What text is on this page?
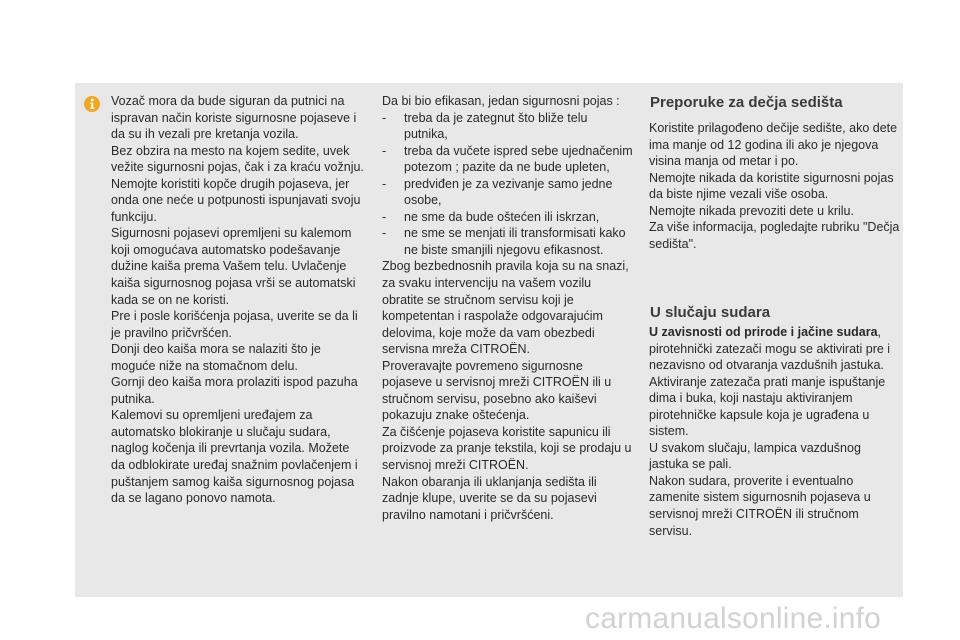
Vozač mora da bude siguran da putnici na ispravan način koriste sigurnosne pojaseve i da su ih vezali pre kretanja vozila.

Bez obzira na mesto na kojem sedite, uvek vežite sigurnosni pojas, čak i za kraću vožnju.

Nemojte koristiti kopče drugih pojaseva, jer onda one neće u potpunosti ispunjavati svoju funkciju.

Sigurnosni pojasevi opremljeni su kalemom koji omogućava automatsko podešavanje dužine kaiša prema Vašem telu. Uvlačenje kaiša sigurnosnog pojasa vrši se automatski kada se on ne koristi.

Pre i posle korišćenja pojasa, uverite se da li je pravilno pričvršćen.

Donji deo kaiša mora se nalaziti što je moguće niže na stomačnom delu.

Gornji deo kaiša mora prolaziti ispod pazuha putnika.

Kalemovi su opremljeni uređajem za automatsko blokiranje u slučaju sudara, naglog kočenja ili prevrtanja vozila. Možete da odblokirate uređaj snažnim povlačenjem i puštanjem samog kaiša sigurnosnog pojasa da se lagano ponovo namota.

Da bi bio efikasan, jedan sigurnosni pojas :

- treba da je zategnut što bliže telu putnika,
- treba da vučete ispred sebe ujednačenim potezom ; pazite da ne bude upleten,
- predviđen je za vezivanje samo jedne osobe,
- ne sme da bude oštećen ili iskrzan,
- ne sme se menjati ili transformisati kako ne biste smanjili njegovu efikasnost.

Zbog bezbednosnih pravila koja su na snazi, za svaku intervenciju na vašem vozilu obratite se stručnom servisu koji je kompetentan i raspolaže odgovarajućim delovima, koje može da vam obezbedi servisna mreža CITROËN.

Proveravajte povremeno sigurnosne pojaseve u servisnoj mreži CITROËN ili u stručnom servisu, posebno ako kaiševi pokazuju znake oštećenja.

Za čišćenje pojaseva koristite sapunicu ili proizvode za pranje tekstila, koji se prodaju u servisnoj mreži CITROËN.

Nakon obaranja ili uklanjanja sedišta ili zadnje klupe, uverite se da su pojasevi pravilno namotani i pričvršćeni.

Preporuke za dečja sedišta

Koristite prilagođeno dečije sedište, ako dete ima manje od 12 godina ili ako je njegova visina manja od metar i po.

Nemojte nikada da koristite sigurnosni pojas da biste njime vezali više osoba.

Nemojte nikada prevoziti dete u krilu.

Za više informacija, pogledajte rubriku "Dečja sedišta".

U slučaju sudara

U zavisnosti od prirode i jačine sudara, pirotehnički zatezači mogu se aktivirati pre i nezavisno od otvaranja vazdušnih jastuka. Aktiviranje zatezača prati manje ispuštanje dima i buka, koji nastaju aktiviranjem pirotehničke kapsule koja je ugrađena u sistem.

U svakom slučaju, lampica vazdušnog jastuka se pali.

Nakon sudara, proverite i eventualno zamenite sistem sigurnosnih pojaseva u servisnoj mreži CITROËN ili stručnom servisu.

carmanualsonline.info
